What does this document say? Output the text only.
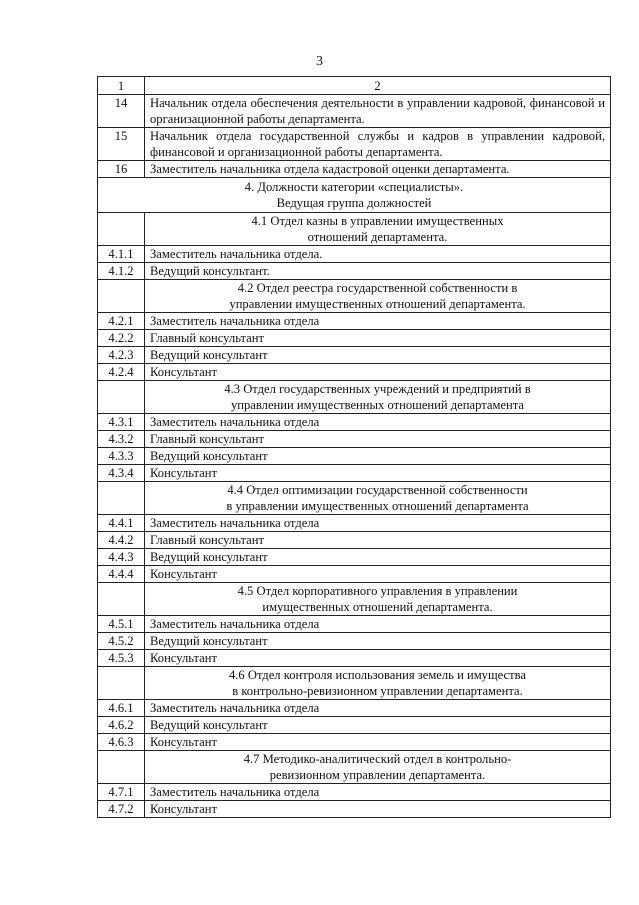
3
1	2
14	Начальник отдела обеспечения деятельности в управлении кадровой, финансовой и организационной работы департамента.
15	Начальник отдела государственной службы и кадров в управлении кадровой, финансовой и организационной работы департамента.
16	Заместитель начальника отдела кадастровой оценки департамента.

4. Должности категории «специалисты».
Ведущая группа должностей	

	4.1 Отдел казны в управлении имущественных
отношений департамента.

4.1.1	Заместитель начальника отдела.
4.1.2	Ведущий консультант.

	4.2 Отдел реестра государственной собственности в
управлении имущественных отношений департамента.

4.2.1	Заместитель начальника отдела
4.2.2	Главный консультант
4.2.3	Ведущий консультант
4.2.4	Консультант

	4.3 Отдел государственных учреждений и предприятий в
управлении имущественных отношений департамента

4.3.1	Заместитель начальника отдела
4.3.2	Главный консультант
4.3.3	Ведущий консультант
4.3.4	Консультант

	4.4 Отдел оптимизации государственной собственности
в управлении имущественных отношений департамента

4.4.1	Заместитель начальника отдела
4.4.2	Главный консультант
4.4.3	Ведущий консультант
4.4.4	Консультант

	4.5 Отдел корпоративного управления в управлении
имущественных отношений департамента.

4.5.1	Заместитель начальника отдела
4.5.2	Ведущий консультант
4.5.3	Консультант

	4.6 Отдел контроля использования земель и имущества
в контрольно-ревизионном управлении департамента.

4.6.1	Заместитель начальника отдела
4.6.2	Ведущий консультант
4.6.3	Консультант

	4.7 Методико-аналитический отдел в контрольно-
ревизионном управлении департамента.

4.7.1	Заместитель начальника отдела
4.7.2	Консультант
